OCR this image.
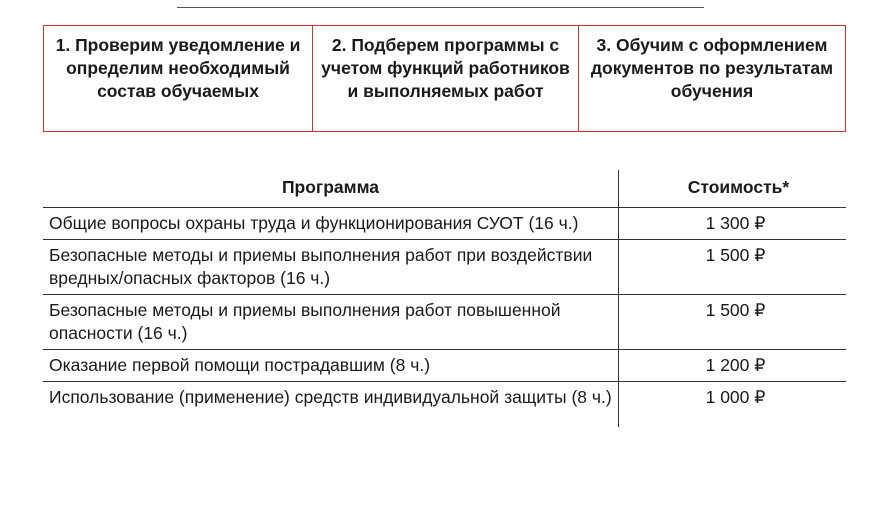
1. Проверим уведомление и определим необходимый состав обучаемых
2. Подберем программы с учетом функций работников и выполняемых работ
3. Обучим с оформлением документов по результатам обучения
Программа	Стоимость*
Общие вопросы охраны труда и функционирования СУОТ (16 ч.)	1 300 ₽
Безопасные методы и приемы выполнения работ при воздействии вредных/опасных факторов (16 ч.)	1 500 ₽
Безопасные методы и приемы выполнения работ повышенной опасности (16 ч.)	1 500 ₽
Оказание первой помощи пострадавшим (8 ч.)	1 200 ₽
Использование (применение) средств индивидуальной защиты (8 ч.)	1 000 ₽
